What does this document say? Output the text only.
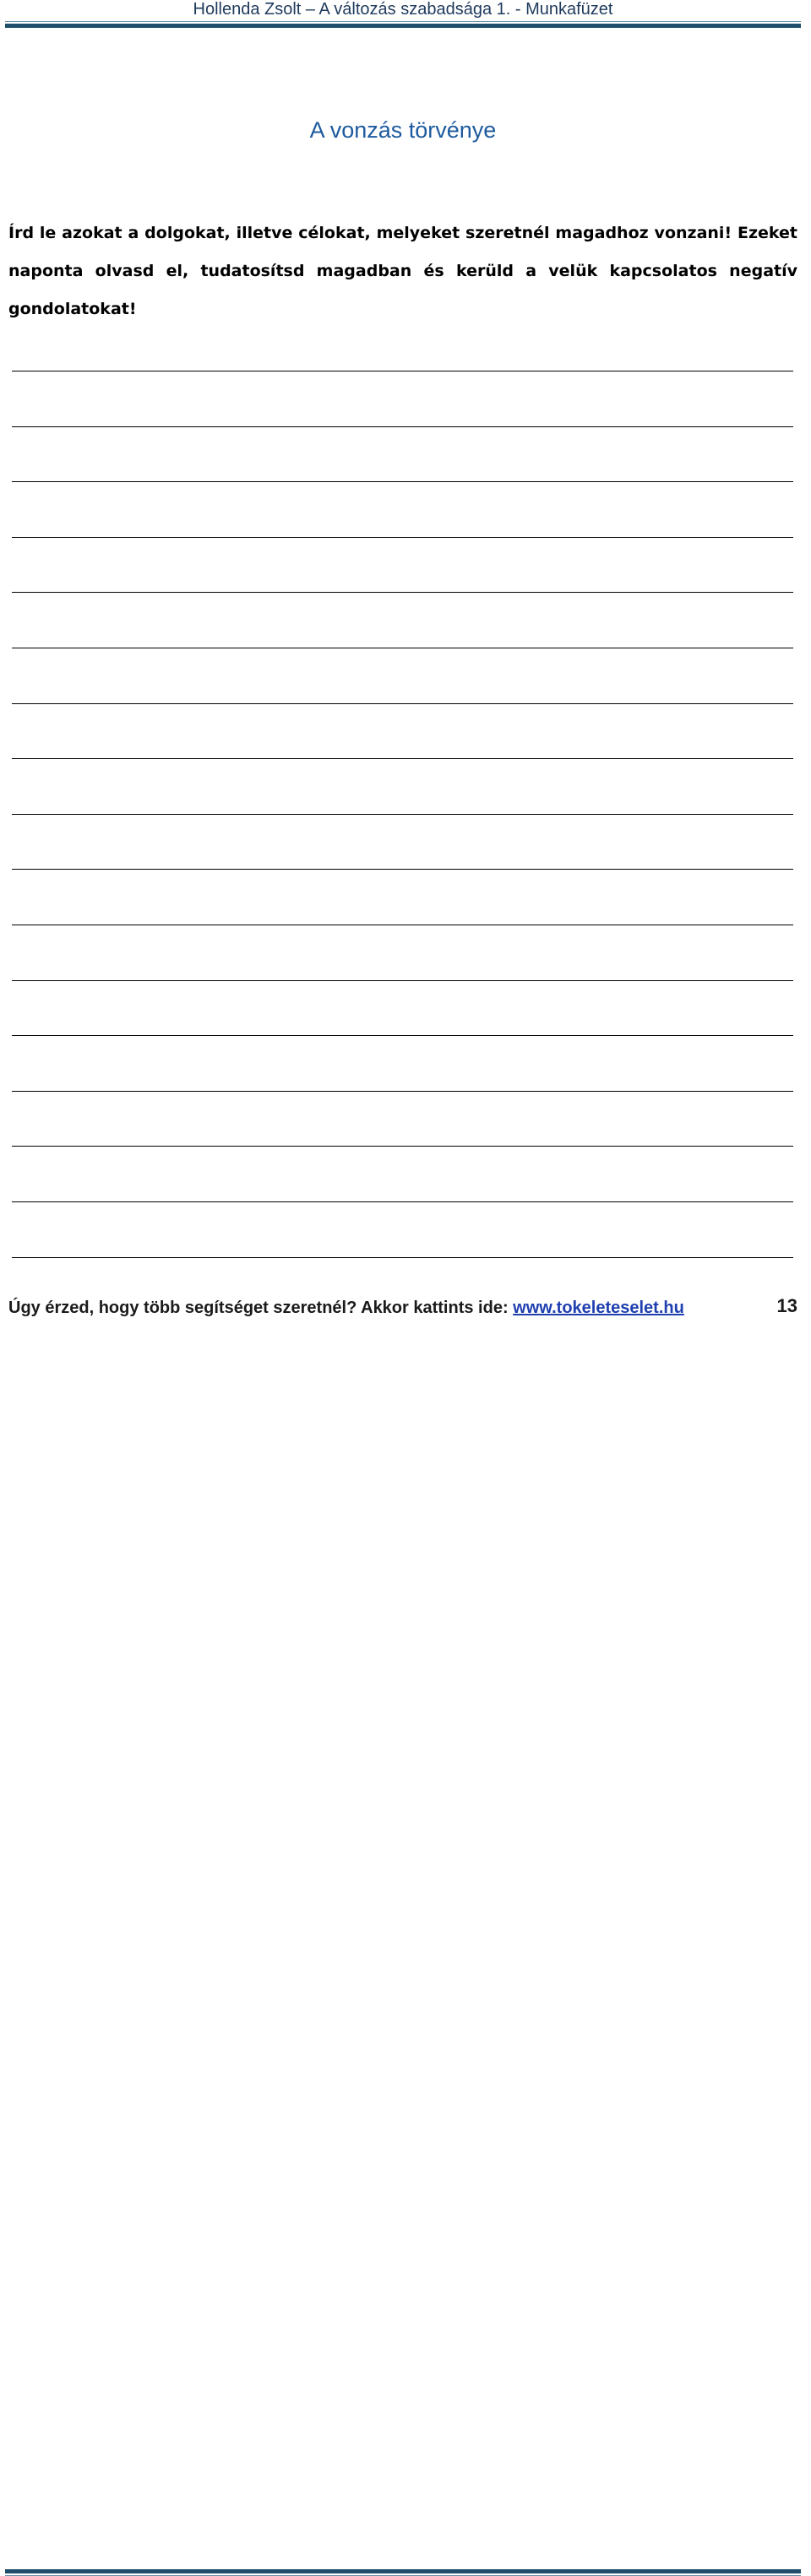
Hollenda Zsolt – A változás szabadsága 1. - Munkafüzet
A vonzás törvénye
Írd le azokat a dolgokat, illetve célokat, melyeket szeretnél magadhoz vonzani! Ezeket naponta olvasd el, tudatosítsd magadban és kerüld a velük kapcsolatos negatív gondolatokat!
Úgy érzed, hogy több segítséget szeretnél? Akkor kattints ide: www.tokeleteselet.hu	13
